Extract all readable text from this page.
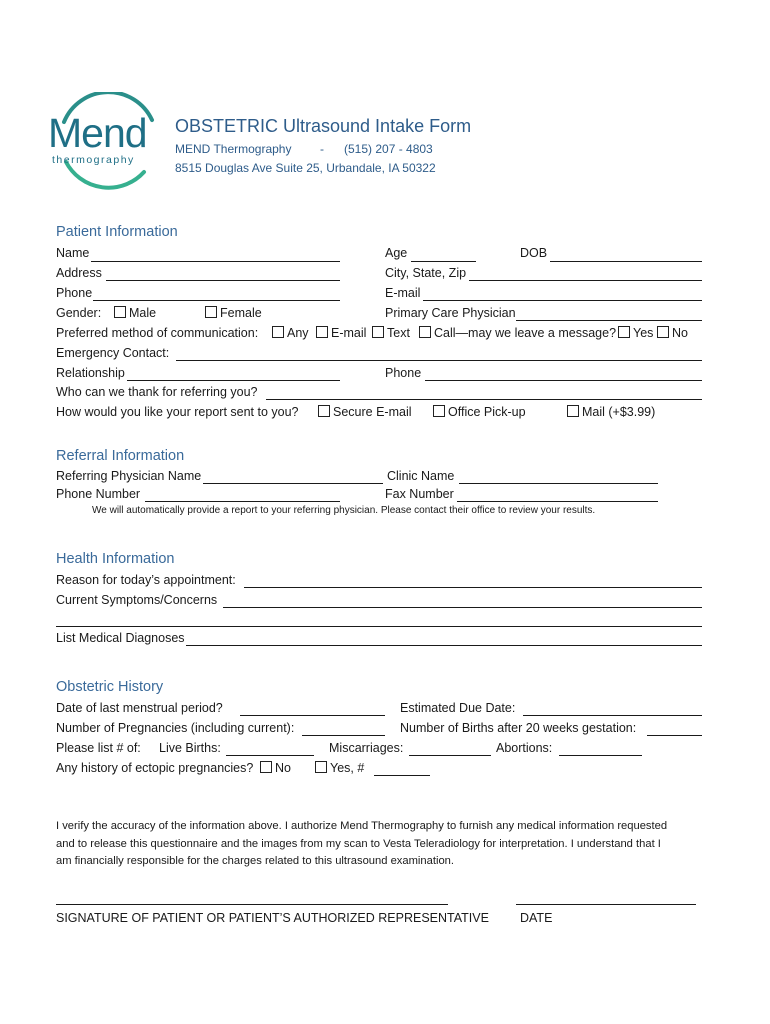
Mend
thermography
OBSTETRIC Ultrasound Intake Form
MEND Thermography - (515) 207 - 4803
8515 Douglas Ave Suite 25, Urbandale, IA 50322
Patient Information
Name	Age	DOB
Address	City, State, Zip
Phone	E-mail
Gender:	Male	Female	Primary Care Physician
Preferred method of communication:	Any	E-mail	Text	Call—may we leave a message?	Yes	No
Emergency Contact:
Relationship	Phone
Who can we thank for referring you?
How would you like your report sent to you?	Secure E-mail	Office Pick-up	Mail (+$3.99)
Referral Information
Referring Physician Name	Clinic Name
Phone Number	Fax Number
We will automatically provide a report to your referring physician. Please contact their office to review your results.
Health Information
Reason for today’s appointment:
Current Symptoms/Concerns
List Medical Diagnoses
Obstetric History
Date of last menstrual period?	Estimated Due Date:
Number of Pregnancies (including current):	Number of Births after 20 weeks gestation:
Please list # of: Live Births:	Miscarriages:	Abortions:
Any history of ectopic pregnancies?	No	Yes, #
I verify the accuracy of the information above. I authorize Mend Thermography to furnish any medical information requested and to release this questionnaire and the images from my scan to Vesta Teleradiology for interpretation. I understand that I am financially responsible for the charges related to this ultrasound examination.
SIGNATURE OF PATIENT OR PATIENT’S AUTHORIZED REPRESENTATIVE DATE
